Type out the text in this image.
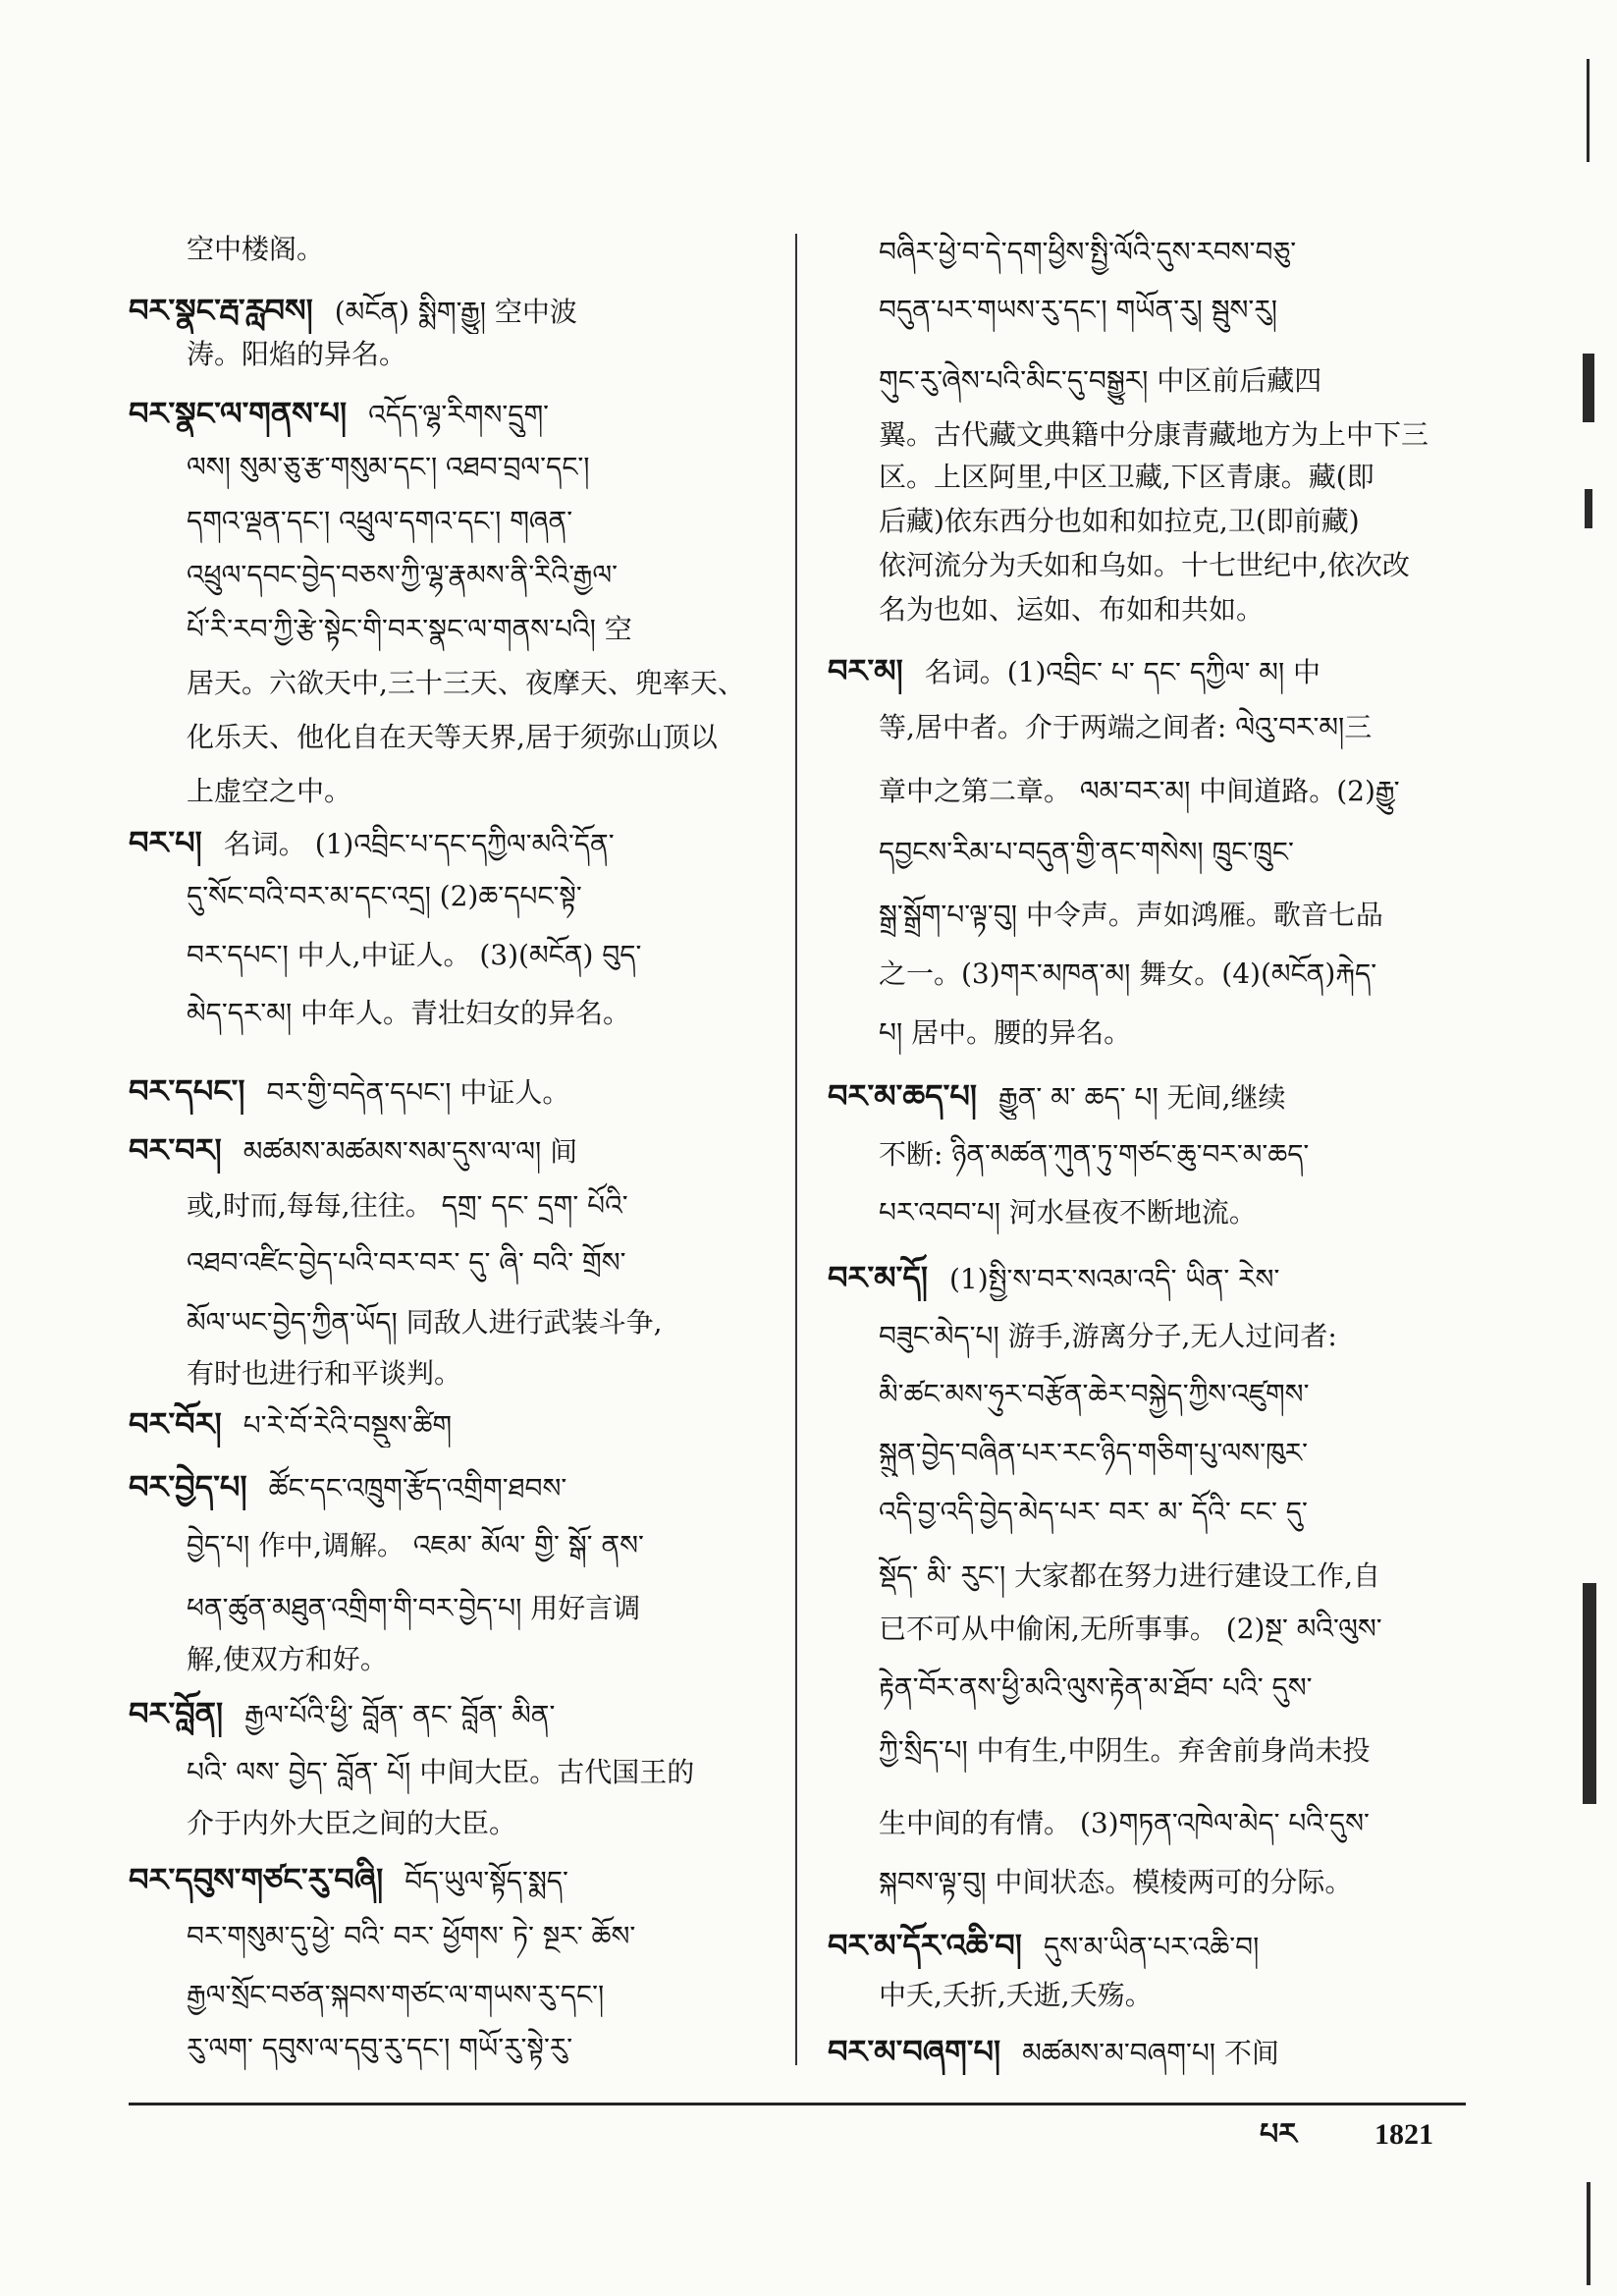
空中楼阁。
བར་སྣང་རྦ་རླབས། (མངོན) སྨིག་རྒྱུ། 空中波
涛。阳焰的异名。
བར་སྣང་ལ་གནས་པ། འདོད་ལྷ་རིགས་དྲུག་
ལས། སུམ་ཅུ་རྩ་གསུམ་དང་། འཐབ་བྲལ་དང་།
དགའ་ལྡན་དང་། འཕྲུལ་དགའ་དང་། གཞན་
འཕྲུལ་དབང་བྱེད་བཅས་ཀྱི་ལྷ་རྣམས་ནི་རིའི་རྒྱལ་
པོ་རི་རབ་ཀྱི་རྩེ་སྟེང་གི་བར་སྣང་ལ་གནས་པའི། 空
居天。六欲天中,三十三天、夜摩天、兜率天、
化乐天、他化自在天等天界,居于须弥山顶以
上虚空之中。
བར་པ། 名词。 (1)འབྲིང་པ་དང་དཀྱིལ་མའི་དོན་
དུ་སོང་བའི་བར་མ་དང་འདྲ། (2)ཆ་དཔང་སྟེ་
བར་དཔང་། 中人,中证人。 (3)(མངོན) བུད་
མེད་དར་མ། 中年人。青壮妇女的异名。
བར་དཔང་། བར་གྱི་བདེན་དཔང་། 中证人。
བར་བར། མཚམས་མཚམས་སམ་དུས་ལ་ལ། 间
或,时而,每每,往往。 དགྲ་ དང་ དྲག་ པོའི་
འཐབ་འཛིང་བྱེད་པའི་བར་བར་ དུ་ ཞི་ བའི་ གྲོས་
མོལ་ཡང་བྱེད་ཀྱིན་ཡོད། 同敌人进行武装斗争,
有时也进行和平谈判。
བར་བོར། པ་རེ་བོ་རེའི་བསྡུས་ཚིག
བར་བྱེད་པ། ཚོང་དང་འཁྲུག་རྩོད་འགྲིག་ཐབས་
བྱེད་པ། 作中,调解。 འཇམ་ མོལ་ གྱི་ སྒོ་ ནས་
ཕན་ཚུན་མཐུན་འགྲིག་གི་བར་བྱེད་པ། 用好言调
解,使双方和好。
བར་བློན། རྒྱལ་པོའི་ཕྱི་ བློན་ ནང་ བློན་ མིན་
པའི་ ལས་ བྱེད་ བློན་ པོ། 中间大臣。古代国王的
介于内外大臣之间的大臣。
བར་དབུས་གཙང་རུ་བཞི། བོད་ཡུལ་སྟོད་སྨད་
བར་གསུམ་དུ་ཕྱེ་ བའི་ བར་ ཕྱོགས་ ཏེ་ སྔར་ ཆོས་
རྒྱལ་སྲོང་བཙན་སྐབས་གཙང་ལ་གཡས་རུ་དང་།
རུ་ལག་ དབུས་ལ་དབུ་རུ་དང་། གཡོ་རུ་སྟེ་རུ་
བཞིར་ཕྱེ་བ་དེ་དག་ཕྱིས་སྤྱི་ལོའི་དུས་རབས་བཅུ་
བདུན་པར་གཡས་རུ་དང་། གཡོན་རུ། སྦུས་རུ།
གུང་རུ་ཞེས་པའི་མིང་དུ་བསྒྱུར། 中区前后藏四
翼。古代藏文典籍中分康青藏地方为上中下三
区。上区阿里,中区卫藏,下区青康。藏(即
后藏)依东西分也如和如拉克,卫(即前藏)
依河流分为夭如和乌如。十七世纪中,依次改
名为也如、运如、布如和共如。
བར་མ། 名词。(1)འབྲིང་ པ་ དང་ དཀྱིལ་ མ། 中
等,居中者。介于两端之间者: ལེའུ་བར་མ།三
章中之第二章。 ལམ་བར་མ། 中间道路。(2)རྒྱུ་
དབྱངས་རིམ་པ་བདུན་གྱི་ནང་གསེས། ཁྲུང་ཁྲུང་
སྒྲ་སྒྲོག་པ་ལྟ་བུ། 中令声。声如鸿雁。歌音七品
之一。(3)གར་མཁན་མ། 舞女。(4)(མངོན)རྐེད་
པ། 居中。腰的异名。
བར་མ་ཆད་པ། རྒྱུན་ མ་ ཆད་ པ། 无间,继续
不断: ཉིན་མཚན་ཀུན་ཏུ་གཙང་ཆུ་བར་མ་ཆད་
པར་འབབ་པ། 河水昼夜不断地流。
བར་མ་དོ། (1)སྤྱི་ས་བར་སའམ་འདི་ ཡིན་ རེས་
བཟུང་མེད་པ། 游手,游离分子,无人过问者:
མི་ཚང་མས་ཧུར་བརྩོན་ཆེར་བསྐྱེད་ཀྱིས་འཛུགས་
སྐྲུན་བྱེད་བཞིན་པར་རང་ཉིད་གཅིག་པུ་ལས་ཁུར་
འདི་བྱ་འདི་བྱེད་མེད་པར་ བར་ མ་ དོའི་ ངང་ དུ་
སྡོད་ མི་ རུང་། 大家都在努力进行建设工作,自
已不可从中偷闲,无所事事。 (2)སྔ་ མའི་ལུས་
རྟེན་བོར་ནས་ཕྱི་མའི་ལུས་རྟེན་མ་ཐོབ་ པའི་ དུས་
ཀྱི་སྲིད་པ། 中有生,中阴生。弃舍前身尚未投
生中间的有情。 (3)གཏན་འཁེལ་མེད་ པའི་དུས་
སྐབས་ལྟ་བུ། 中间状态。模棱两可的分际。
བར་མ་དོར་འཆི་བ། དུས་མ་ཡིན་པར་འཆི་བ།
中夭,夭折,夭逝,夭殇。
བར་མ་བཞག་པ། མཚམས་མ་བཞག་པ། 不间
པར	1821
